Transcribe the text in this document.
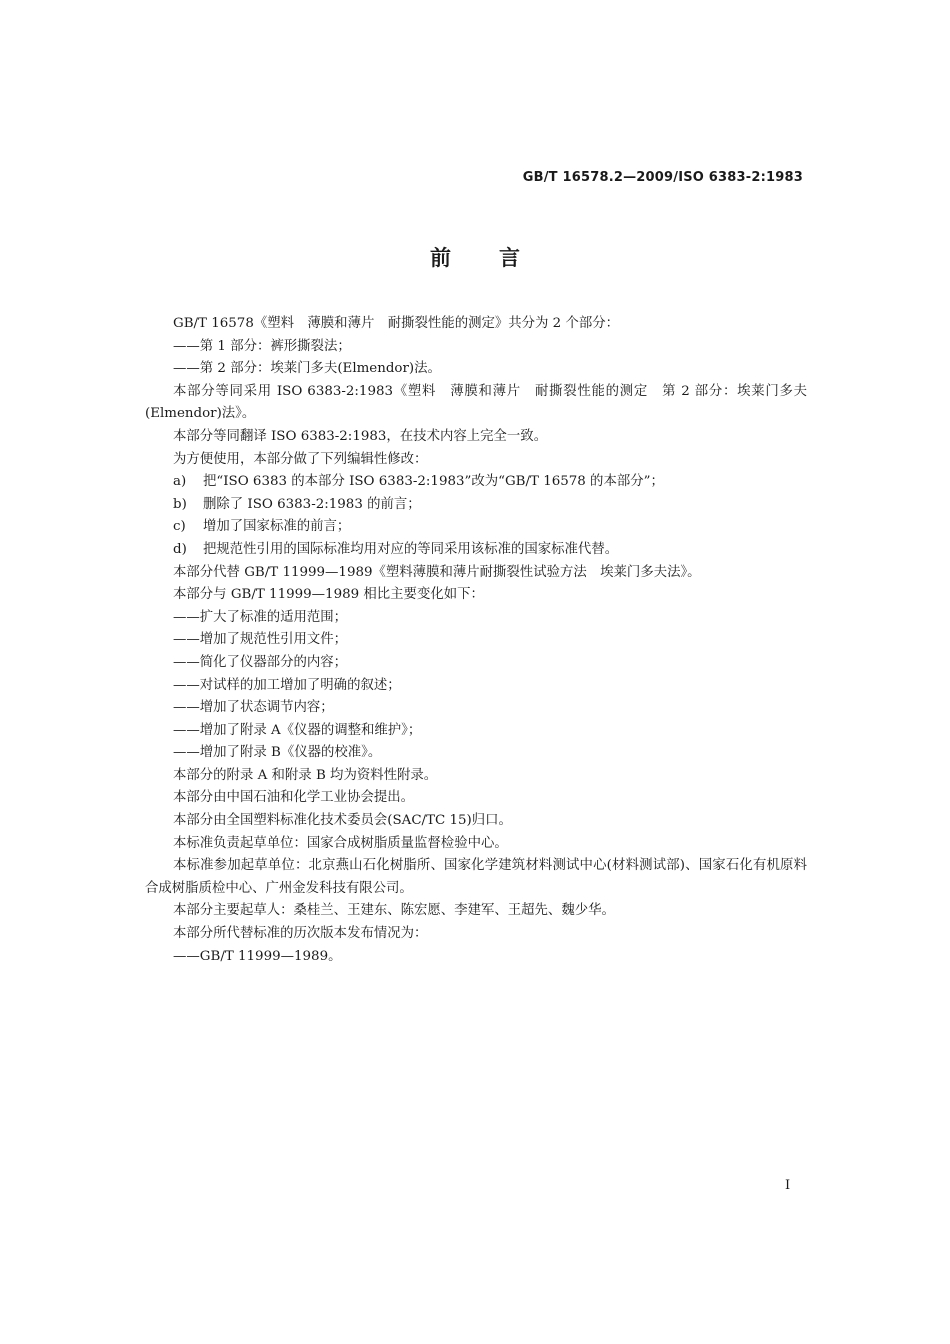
GB/T 16578.2—2009/ISO 6383-2:1983
前言

GB/T 16578《塑料　薄膜和薄片　耐撕裂性能的测定》共分为 2 个部分：

——第 1 部分：裤形撕裂法；

——第 2 部分：埃莱门多夫(Elmendor)法。

本部分等同采用 ISO 6383-2:1983《塑料　薄膜和薄片　耐撕裂性能的测定　第 2 部分：埃莱门多夫(Elmendor)法》。

本部分等同翻译 ISO 6383-2:1983，在技术内容上完全一致。

为方便使用，本部分做了下列编辑性修改：

a)	把“ISO 6383 的本部分 ISO 6383-2:1983”改为“GB/T 16578 的本部分”；

b)	删除了 ISO 6383-2:1983 的前言；

c)	增加了国家标准的前言；

d)	把规范性引用的国际标准均用对应的等同采用该标准的国家标准代替。

本部分代替 GB/T 11999—1989《塑料薄膜和薄片耐撕裂性试验方法　埃莱门多夫法》。

本部分与 GB/T 11999—1989 相比主要变化如下：

——扩大了标准的适用范围；

——增加了规范性引用文件；

——简化了仪器部分的内容；

——对试样的加工增加了明确的叙述；

——增加了状态调节内容；

——增加了附录 A《仪器的调整和维护》；

——增加了附录 B《仪器的校准》。

本部分的附录 A 和附录 B 均为资料性附录。

本部分由中国石油和化学工业协会提出。

本部分由全国塑料标准化技术委员会(SAC/TC 15)归口。

本标准负责起草单位：国家合成树脂质量监督检验中心。

本标准参加起草单位：北京燕山石化树脂所、国家化学建筑材料测试中心(材料测试部)、国家石化有机原料合成树脂质检中心、广州金发科技有限公司。

本部分主要起草人：桑桂兰、王建东、陈宏愿、李建军、王超先、魏少华。

本部分所代替标准的历次版本发布情况为：

——GB/T 11999—1989。

I
